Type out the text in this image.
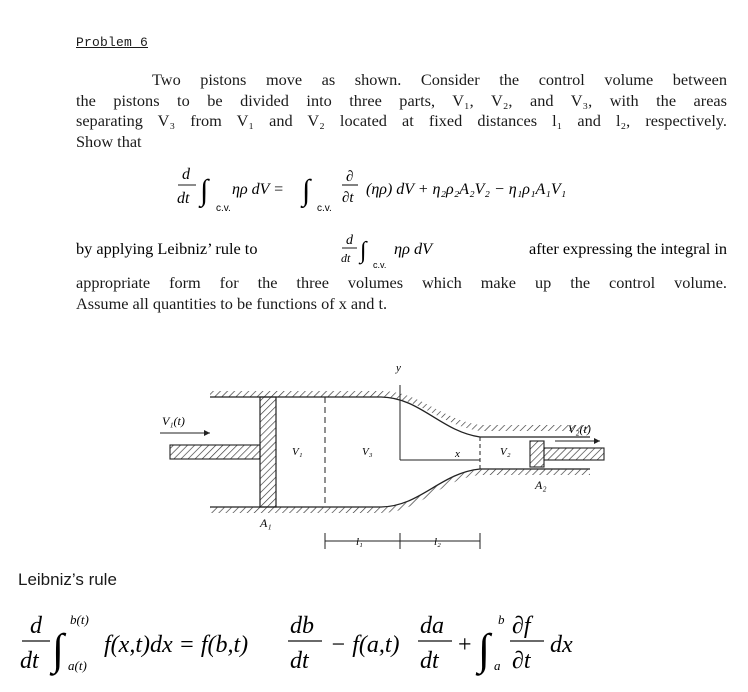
Problem 6
Two pistons move as shown. Consider the control volume between
the pistons to be divided into three parts, V₁, V₂, and V₃, with the areas
separating V₃ from V₁ and V₂ located at fixed distances l₁ and l₂, respectively.
Show that
d
dt ∫
c.v.
ηρ dV = ∫
c.v.
∂
∂t (ηρ) dV + η₂ρ₂A₂V₂ − η₁ρ₁A₁V₁
by applying Leibniz’ rule to	d
dt ∫
c.v.
ηρ dV	after expressing the integral in
appropriate form for the three volumes which make up the control volume.
Assume all quantities to be functions of x and t.
V₁(t)
V₂(t)
V₁	V₃	V₂
x
y
A₁
A₂
l₁	l₂
Leibniz’s rule
d
dt ∫
b(t)
a(t)
f(x,t)dx = f(b,t)
db
dt
− f(a,t)
da
dt
+ ∫
b
a
∂f
∂t
dx
